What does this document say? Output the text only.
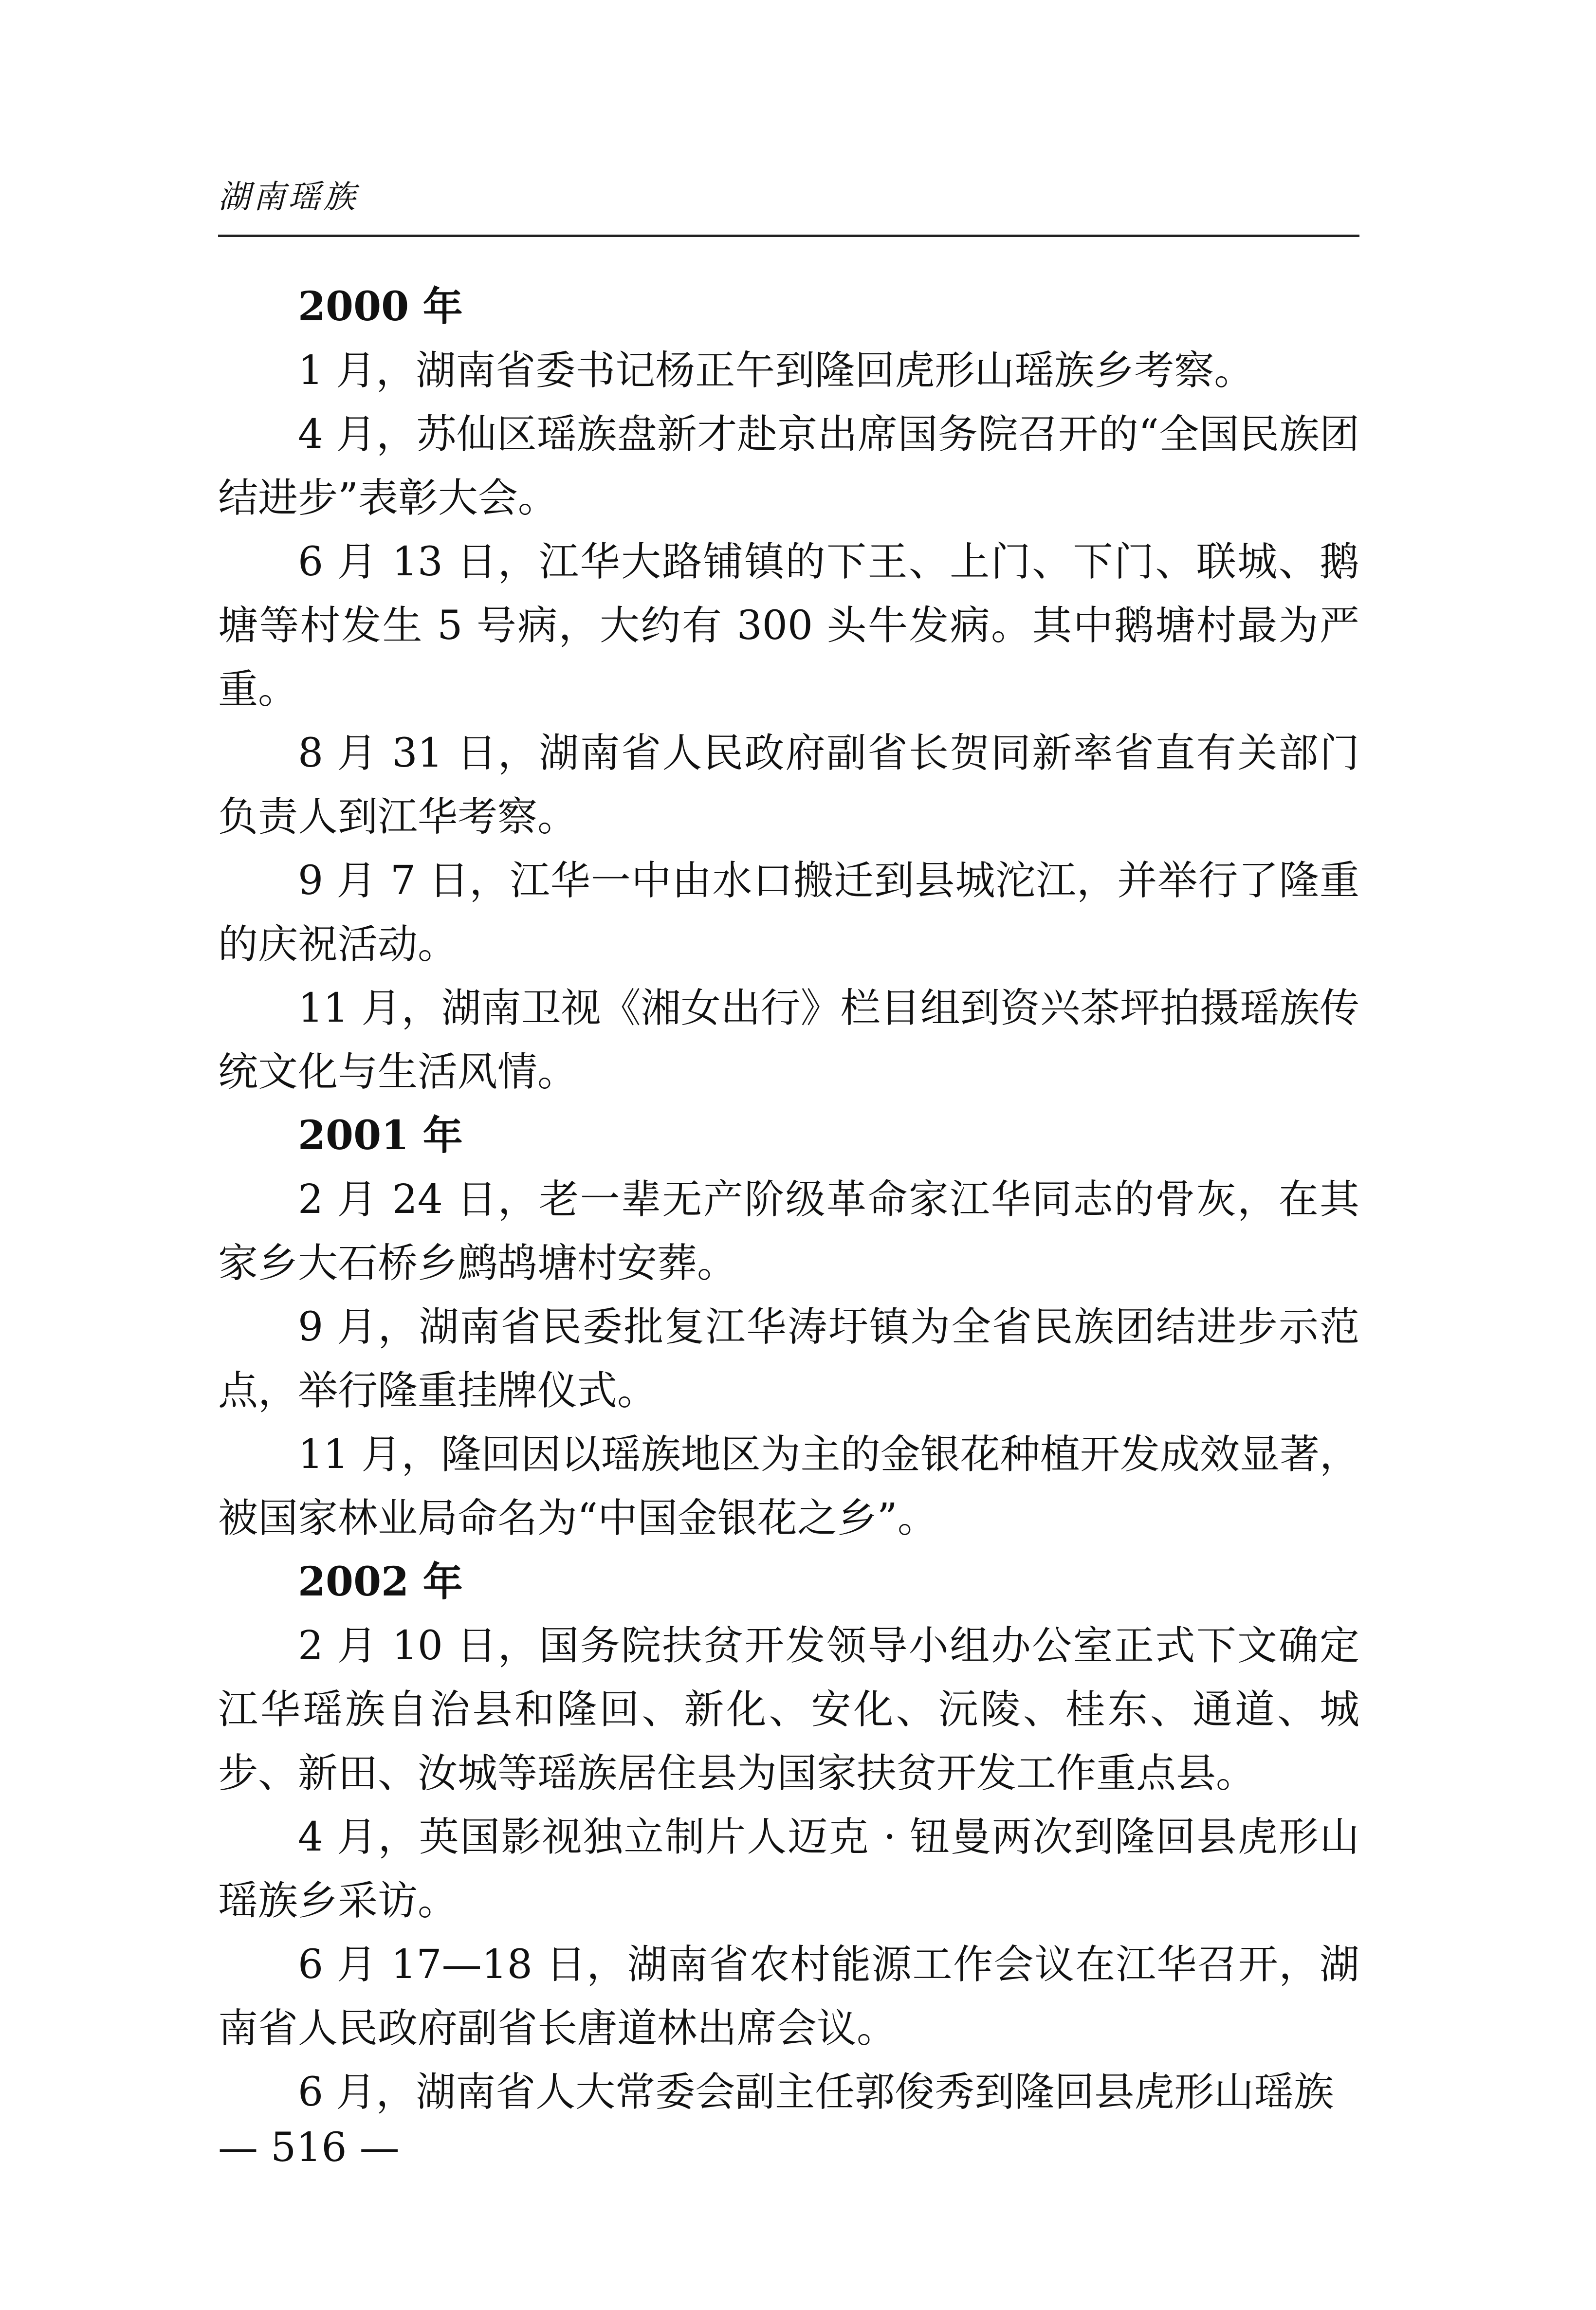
湖南瑶族

2000 年

1 月，湖南省委书记杨正午到隆回虎形山瑶族乡考察。

4 月，苏仙区瑶族盘新才赴京出席国务院召开的“全国民族团结进步”表彰大会。

6 月 13 日，江华大路铺镇的下王、上门、下门、联城、鹅塘等村发生 5 号病，大约有 300 头牛发病。其中鹅塘村最为严重。

8 月 31 日，湖南省人民政府副省长贺同新率省直有关部门负责人到江华考察。

9 月 7 日，江华一中由水口搬迁到县城沱江，并举行了隆重的庆祝活动。

11 月，湖南卫视《湘女出行》栏目组到资兴茶坪拍摄瑶族传统文化与生活风情。

2001 年

2 月 24 日，老一辈无产阶级革命家江华同志的骨灰，在其家乡大石桥乡鹧鸪塘村安葬。

9 月，湖南省民委批复江华涛圩镇为全省民族团结进步示范点，举行隆重挂牌仪式。

11 月，隆回因以瑶族地区为主的金银花种植开发成效显著，被国家林业局命名为“中国金银花之乡”。

2002 年

2 月 10 日，国务院扶贫开发领导小组办公室正式下文确定江华瑶族自治县和隆回、新化、安化、沅陵、桂东、通道、城步、新田、汝城等瑶族居住县为国家扶贫开发工作重点县。

4 月，英国影视独立制片人迈克 · 钮曼两次到隆回县虎形山瑶族乡采访。

6 月 17—18 日，湖南省农村能源工作会议在江华召开，湖南省人民政府副省长唐道林出席会议。

6 月，湖南省人大常委会副主任郭俊秀到隆回县虎形山瑶族

— 516 —
